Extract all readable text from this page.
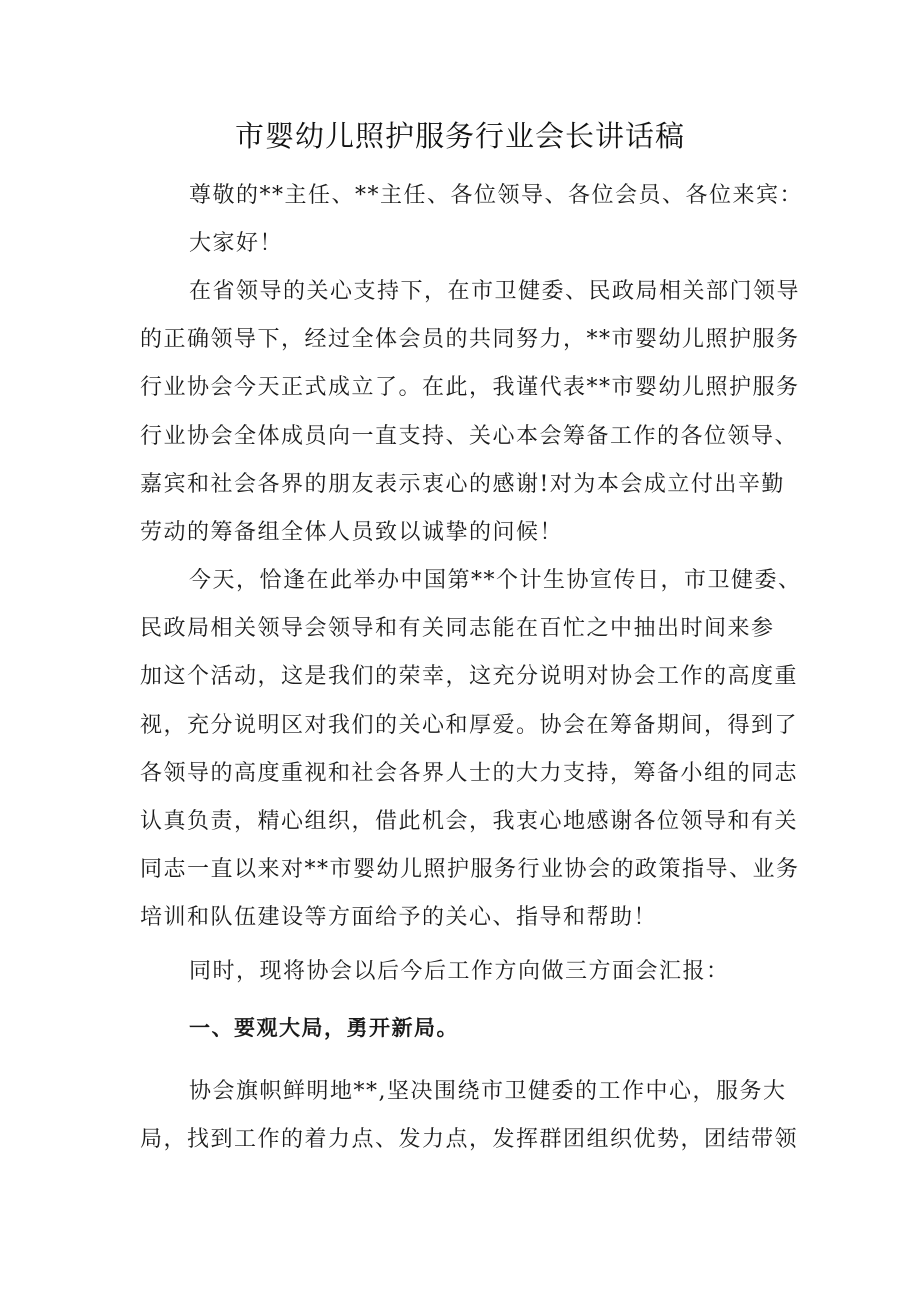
市婴幼儿照护服务行业会长讲话稿
尊敬的**主任、**主任、各位领导、各位会员、各位来宾：
大家好！
在省领导的关心支持下，在市卫健委、民政局相关部门领导
的正确领导下，经过全体会员的共同努力，**市婴幼儿照护服务
行业协会今天正式成立了。在此，我谨代表**市婴幼儿照护服务
行业协会全体成员向一直支持、关心本会筹备工作的各位领导、
嘉宾和社会各界的朋友表示衷心的感谢!对为本会成立付出辛勤
劳动的筹备组全体人员致以诚挚的问候！
今天，恰逢在此举办中国第**个计生协宣传日，市卫健委、
民政局相关领导会领导和有关同志能在百忙之中抽出时间来参
加这个活动，这是我们的荣幸，这充分说明对协会工作的高度重
视，充分说明区对我们的关心和厚爱。协会在筹备期间，得到了
各领导的高度重视和社会各界人士的大力支持，筹备小组的同志
认真负责，精心组织，借此机会，我衷心地感谢各位领导和有关
同志一直以来对**市婴幼儿照护服务行业协会的政策指导、业务
培训和队伍建设等方面给予的关心、指导和帮助！
同时，现将协会以后今后工作方向做三方面会汇报：
一、要观大局，勇开新局。
协会旗帜鲜明地**,坚决围绕市卫健委的工作中心，服务大
局，找到工作的着力点、发力点，发挥群团组织优势，团结带领
